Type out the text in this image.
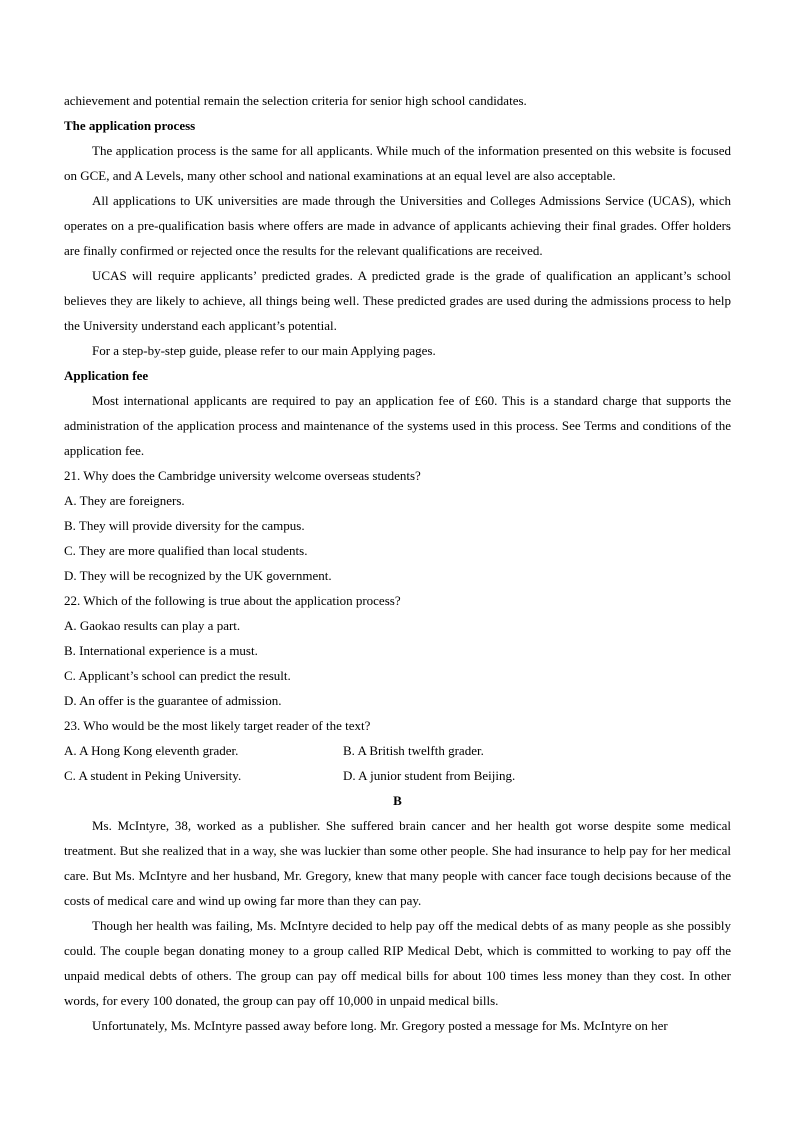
achievement and potential remain the selection criteria for senior high school candidates.

The application process

The application process is the same for all applicants. While much of the information presented on this website is focused on GCE, and A Levels, many other school and national examinations at an equal level are also acceptable.

All applications to UK universities are made through the Universities and Colleges Admissions Service (UCAS), which operates on a pre-qualification basis where offers are made in advance of applicants achieving their final grades. Offer holders are finally confirmed or rejected once the results for the relevant qualifications are received.

UCAS will require applicants’ predicted grades. A predicted grade is the grade of qualification an applicant’s school believes they are likely to achieve, all things being well. These predicted grades are used during the admissions process to help the University understand each applicant’s potential.

For a step-by-step guide, please refer to our main Applying pages.

Application fee

Most international applicants are required to pay an application fee of £60. This is a standard charge that supports the administration of the application process and maintenance of the systems used in this process. See Terms and conditions of the application fee.

21. Why does the Cambridge university welcome overseas students?

A. They are foreigners.

B. They will provide diversity for the campus.

C. They are more qualified than local students.

D. They will be recognized by the UK government.

22. Which of the following is true about the application process?

A. Gaokao results can play a part.

B. International experience is a must.

C. Applicant’s school can predict the result.

D. An offer is the guarantee of admission.

23. Who would be the most likely target reader of the text?

A. A Hong Kong eleventh grader.	B. A British twelfth grader.
C. A student in Peking University.	D. A junior student from Beijing.

B

Ms. McIntyre, 38, worked as a publisher. She suffered brain cancer and her health got worse despite some medical treatment. But she realized that in a way, she was luckier than some other people. She had insurance to help pay for her medical care. But Ms. McIntyre and her husband, Mr. Gregory, knew that many people with cancer face tough decisions because of the costs of medical care and wind up owing far more than they can pay.

Though her health was failing, Ms. McIntyre decided to help pay off the medical debts of as many people as she possibly could. The couple began donating money to a group called RIP Medical Debt, which is committed to working to pay off the unpaid medical debts of others. The group can pay off medical bills for about 100 times less money than they cost. In other words, for every 100 donated, the group can pay off 10,000 in unpaid medical bills.

Unfortunately, Ms. McIntyre passed away before long. Mr. Gregory posted a message for Ms. McIntyre on her
